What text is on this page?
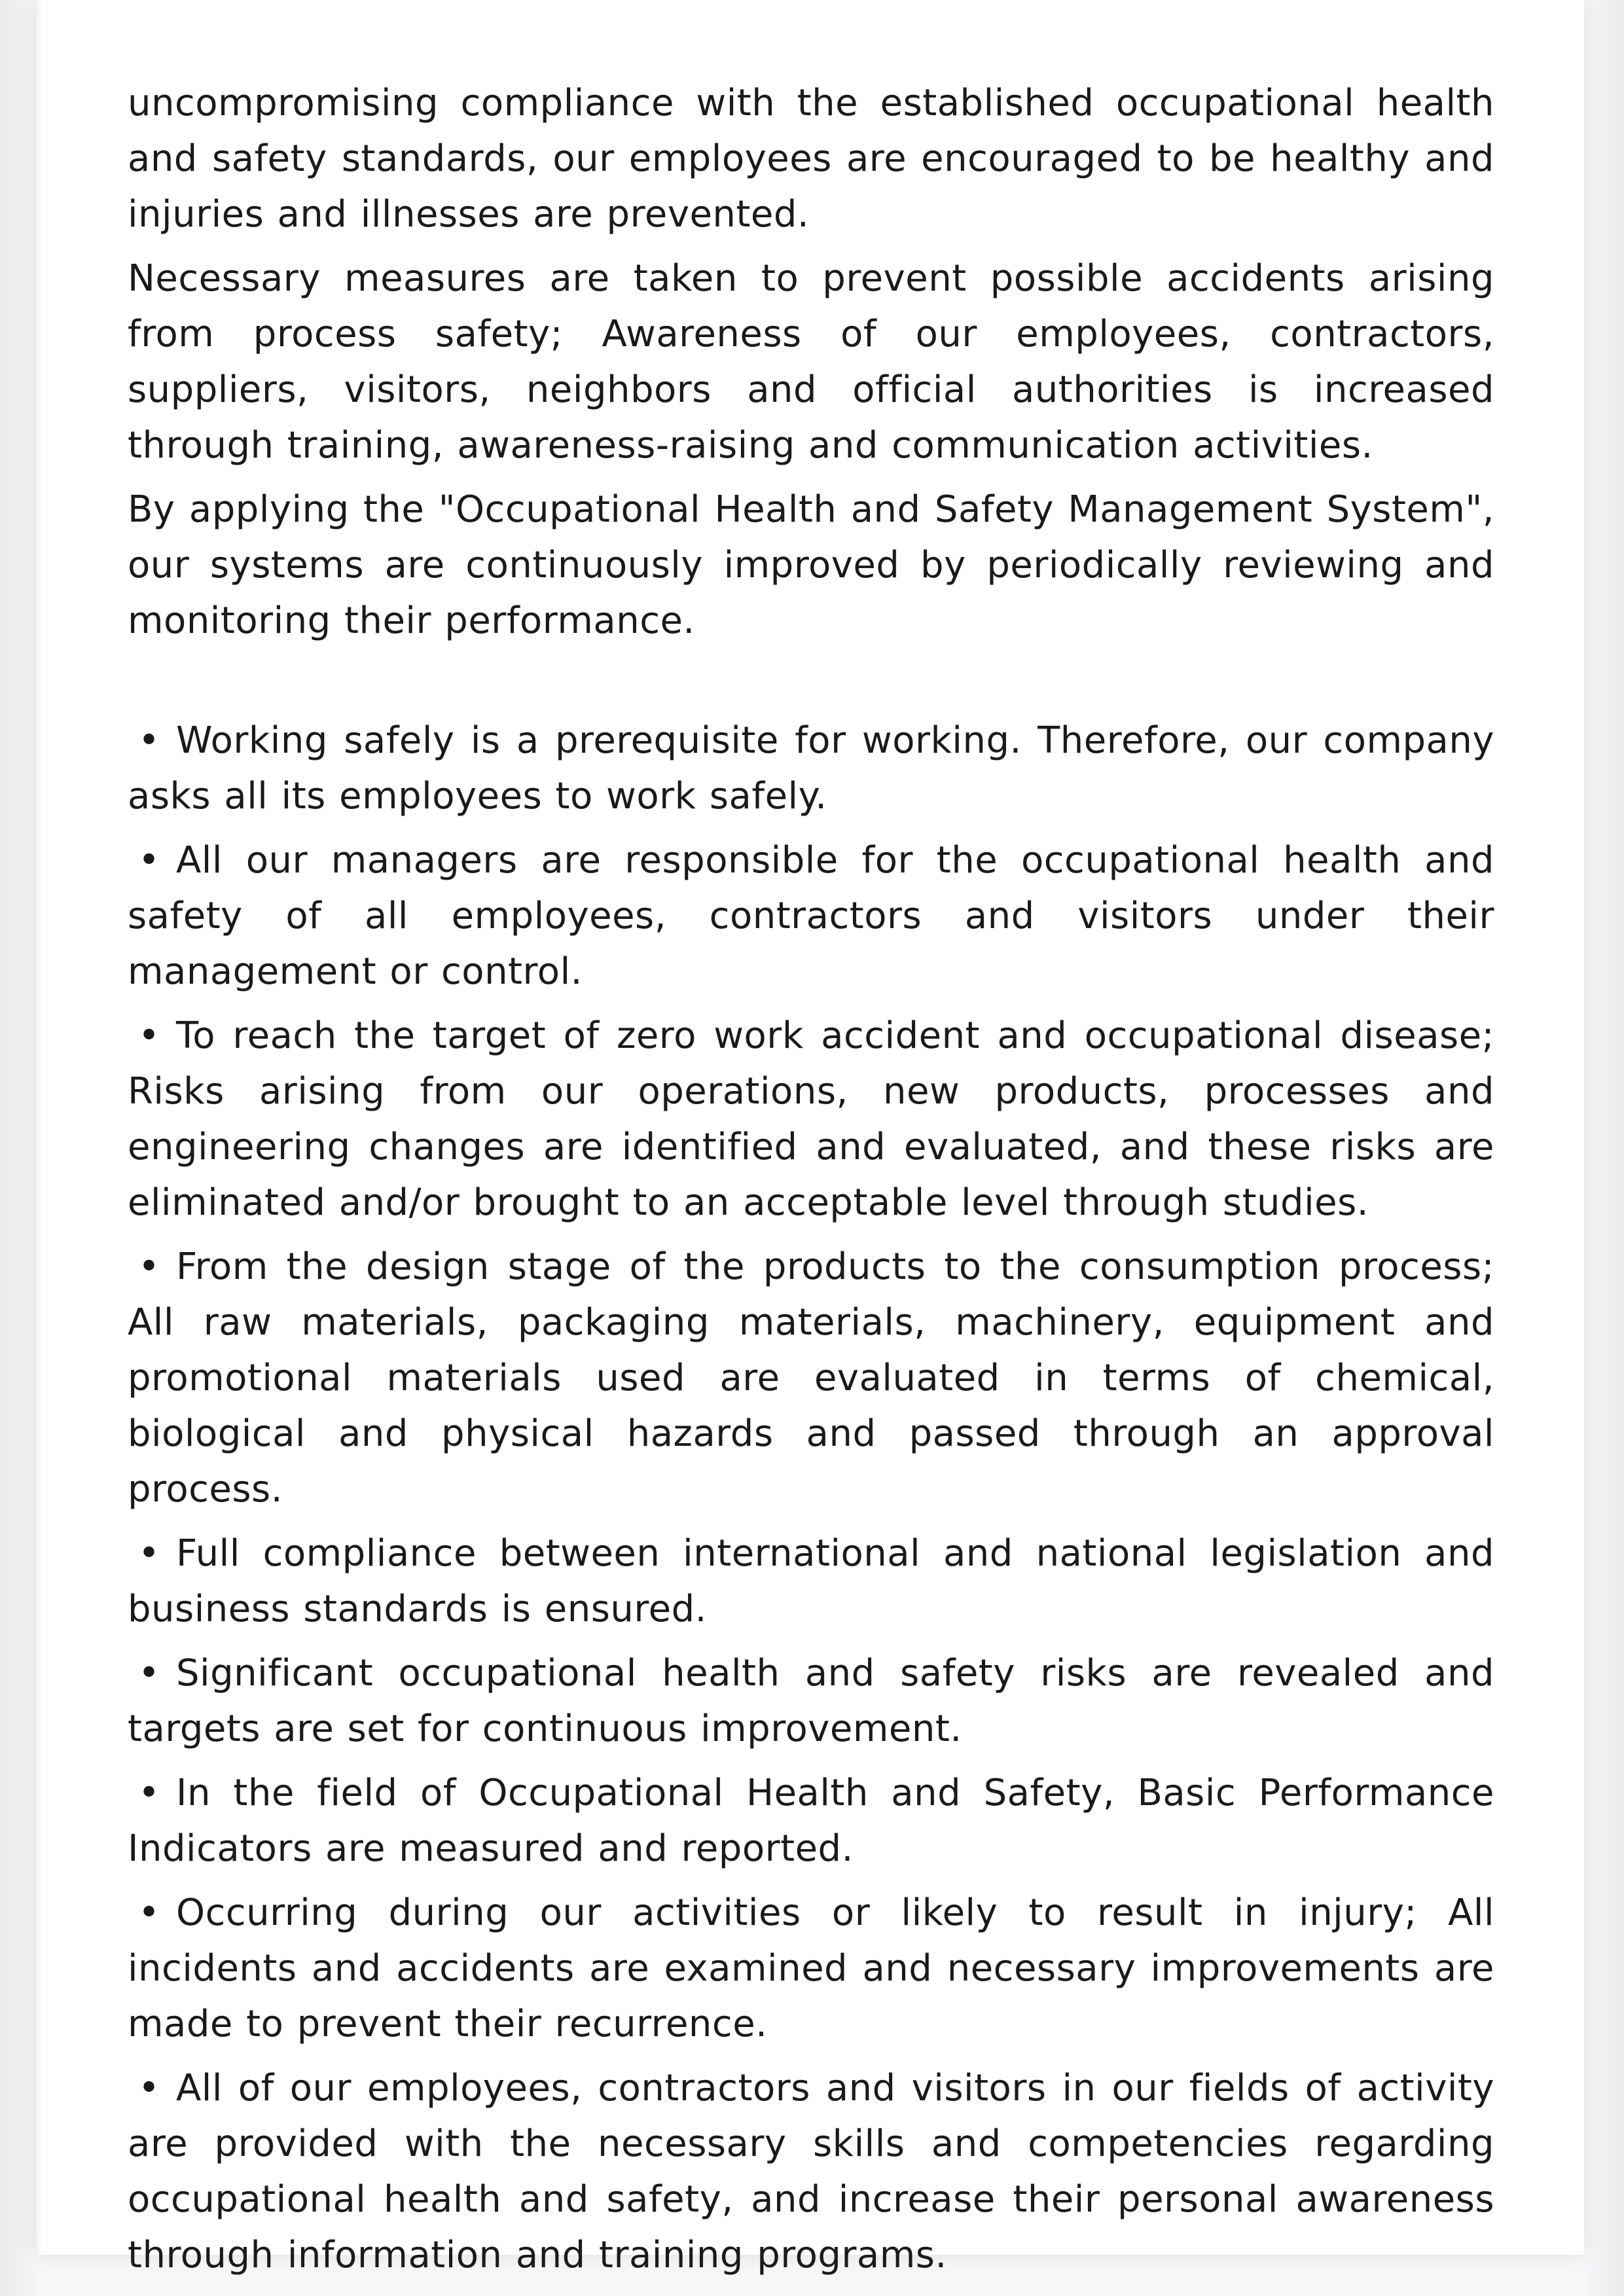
uncompromising compliance with the established occupational health and safety standards, our employees are encouraged to be healthy and injuries and illnesses are prevented.

Necessary measures are taken to prevent possible accidents arising from process safety; Awareness of our employees, contractors, suppliers, visitors, neighbors and official authorities is increased through training, awareness-raising and communication activities.

By applying the "Occupational Health and Safety Management System", our systems are continuously improved by periodically reviewing and monitoring their performance.

• Working safely is a prerequisite for working. Therefore, our company asks all its employees to work safely.
• All our managers are responsible for the occupational health and safety of all employees, contractors and visitors under their management or control.
• To reach the target of zero work accident and occupational disease; Risks arising from our operations, new products, processes and engineering changes are identified and evaluated, and these risks are eliminated and/or brought to an acceptable level through studies.
• From the design stage of the products to the consumption process; All raw materials, packaging materials, machinery, equipment and promotional materials used are evaluated in terms of chemical, biological and physical hazards and passed through an approval process.
• Full compliance between international and national legislation and business standards is ensured.
• Significant occupational health and safety risks are revealed and targets are set for continuous improvement.
• In the field of Occupational Health and Safety, Basic Performance Indicators are measured and reported.
• Occurring during our activities or likely to result in injury; All incidents and accidents are examined and necessary improvements are made to prevent their recurrence.
• All of our employees, contractors and visitors in our fields of activity are provided with the necessary skills and competencies regarding occupational health and safety, and increase their personal awareness through information and training programs.
